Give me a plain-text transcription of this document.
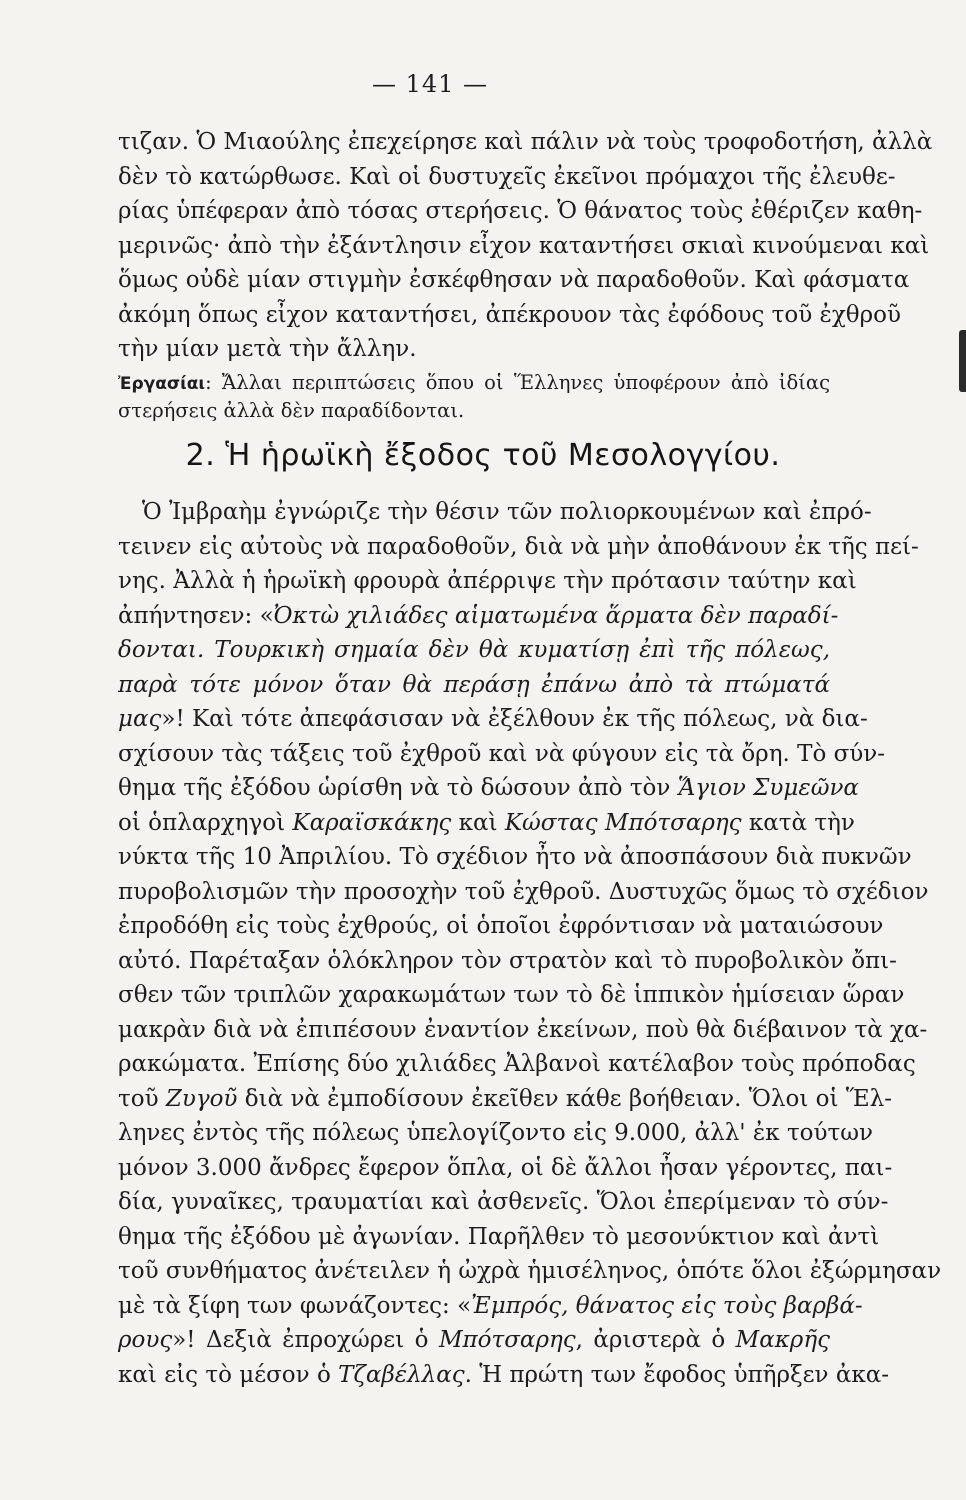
— 141 —
τιζαν. Ὁ Μιαούλης ἐπεχείρησε καὶ πάλιν νὰ τοὺς τροφοδοτήση, ἀλλὰ
δὲν τὸ κατώρθωσε. Καὶ οἱ δυστυχεῖς ἐκεῖνοι πρόμαχοι τῆς ἐλευθε-
ρίας ὑπέφεραν ἀπὸ τόσας στερήσεις. Ὁ θάνατος τοὺς ἐθέριζεν καθη-
μερινῶς· ἀπὸ τὴν ἐξάντλησιν εἶχον καταντήσει σκιαὶ κινούμεναι καὶ
ὅμως οὐδὲ μίαν στιγμὴν ἐσκέφθησαν νὰ παραδοθοῦν. Καὶ φάσματα
ἀκόμη ὅπως εἶχον καταντήσει, ἀπέκρουον τὰς ἐφόδους τοῦ ἐχθροῦ
τὴν μίαν μετὰ τὴν ἄλλην.
Ἐργασίαι: Ἄλλαι περιπτώσεις ὅπου οἱ Ἕλληνες ὑποφέρουν ἀπὸ ἰδίας
στερήσεις ἀλλὰ δὲν παραδίδονται.
2. Ἡ ἡρωϊκὴ ἔξοδος τοῦ Μεσολογγίου.
Ὁ Ἰμβραὴμ ἐγνώριζε τὴν θέσιν τῶν πολιορκουμένων καὶ ἐπρό-
τεινεν εἰς αὐτοὺς νὰ παραδοθοῦν, διὰ νὰ μὴν ἀποθάνουν ἐκ τῆς πεί-
νης. Ἀλλὰ ἡ ἡρωϊκὴ φρουρὰ ἀπέρριψε τὴν πρότασιν ταύτην καὶ
ἀπήντησεν: «Ὀκτὼ χιλιάδες αἱματωμένα ἅρματα δὲν παραδί-
δονται. Τουρκικὴ σημαία δὲν θὰ κυματίσῃ ἐπὶ τῆς πόλεως,
παρὰ τότε μόνον ὅταν θὰ περάσῃ ἐπάνω ἀπὸ τὰ πτώματά
μας»! Καὶ τότε ἀπεφάσισαν νὰ ἐξέλθουν ἐκ τῆς πόλεως, νὰ δια-
σχίσουν τὰς τάξεις τοῦ ἐχθροῦ καὶ νὰ φύγουν εἰς τὰ ὄρη. Τὸ σύν-
θημα τῆς ἐξόδου ὡρίσθη νὰ τὸ δώσουν ἀπὸ τὸν Ἅγιον Συμεῶνα
οἱ ὁπλαρχηγοὶ Καραϊσκάκης καὶ Κώστας Μπότσαρης κατὰ τὴν
νύκτα τῆς 10 Ἀπριλίου. Τὸ σχέδιον ἦτο νὰ ἀποσπάσουν διὰ πυκνῶν
πυροβολισμῶν τὴν προσοχὴν τοῦ ἐχθροῦ. Δυστυχῶς ὅμως τὸ σχέδιον
ἐπροδόθη εἰς τοὺς ἐχθρούς, οἱ ὁποῖοι ἐφρόντισαν νὰ ματαιώσουν
αὐτό. Παρέταξαν ὁλόκληρον τὸν στρατὸν καὶ τὸ πυροβολικὸν ὄπι-
σθεν τῶν τριπλῶν χαρακωμάτων των τὸ δὲ ἱππικὸν ἡμίσειαν ὥραν
μακρὰν διὰ νὰ ἐπιπέσουν ἐναντίον ἐκείνων, ποὺ θὰ διέβαινον τὰ χα-
ρακώματα. Ἐπίσης δύο χιλιάδες Ἀλβανοὶ κατέλαβον τοὺς πρόποδας
τοῦ Ζυγοῦ διὰ νὰ ἐμποδίσουν ἐκεῖθεν κάθε βοήθειαν. Ὅλοι οἱ Ἕλ-
ληνες ἐντὸς τῆς πόλεως ὑπελογίζοντο εἰς 9.000, ἀλλ' ἐκ τούτων
μόνον 3.000 ἄνδρες ἔφερον ὅπλα, οἱ δὲ ἄλλοι ἦσαν γέροντες, παι-
δία, γυναῖκες, τραυματίαι καὶ ἀσθενεῖς. Ὅλοι ἐπερίμεναν τὸ σύν-
θημα τῆς ἐξόδου μὲ ἀγωνίαν. Παρῆλθεν τὸ μεσονύκτιον καὶ ἀντὶ
τοῦ συνθήματος ἀνέτειλεν ἡ ὠχρὰ ἡμισέληνος, ὁπότε ὅλοι ἐξώρμησαν
μὲ τὰ ξίφη των φωνάζοντες: «Ἐμπρός, θάνατος εἰς τοὺς βαρβά-
ρους»! Δεξιὰ ἐπροχώρει ὁ Μπότσαρης, ἀριστερὰ ὁ Μακρῆς
καὶ εἰς τὸ μέσον ὁ Τζαβέλλας. Ἡ πρώτη των ἔφοδος ὑπῆρξεν ἀκα-
